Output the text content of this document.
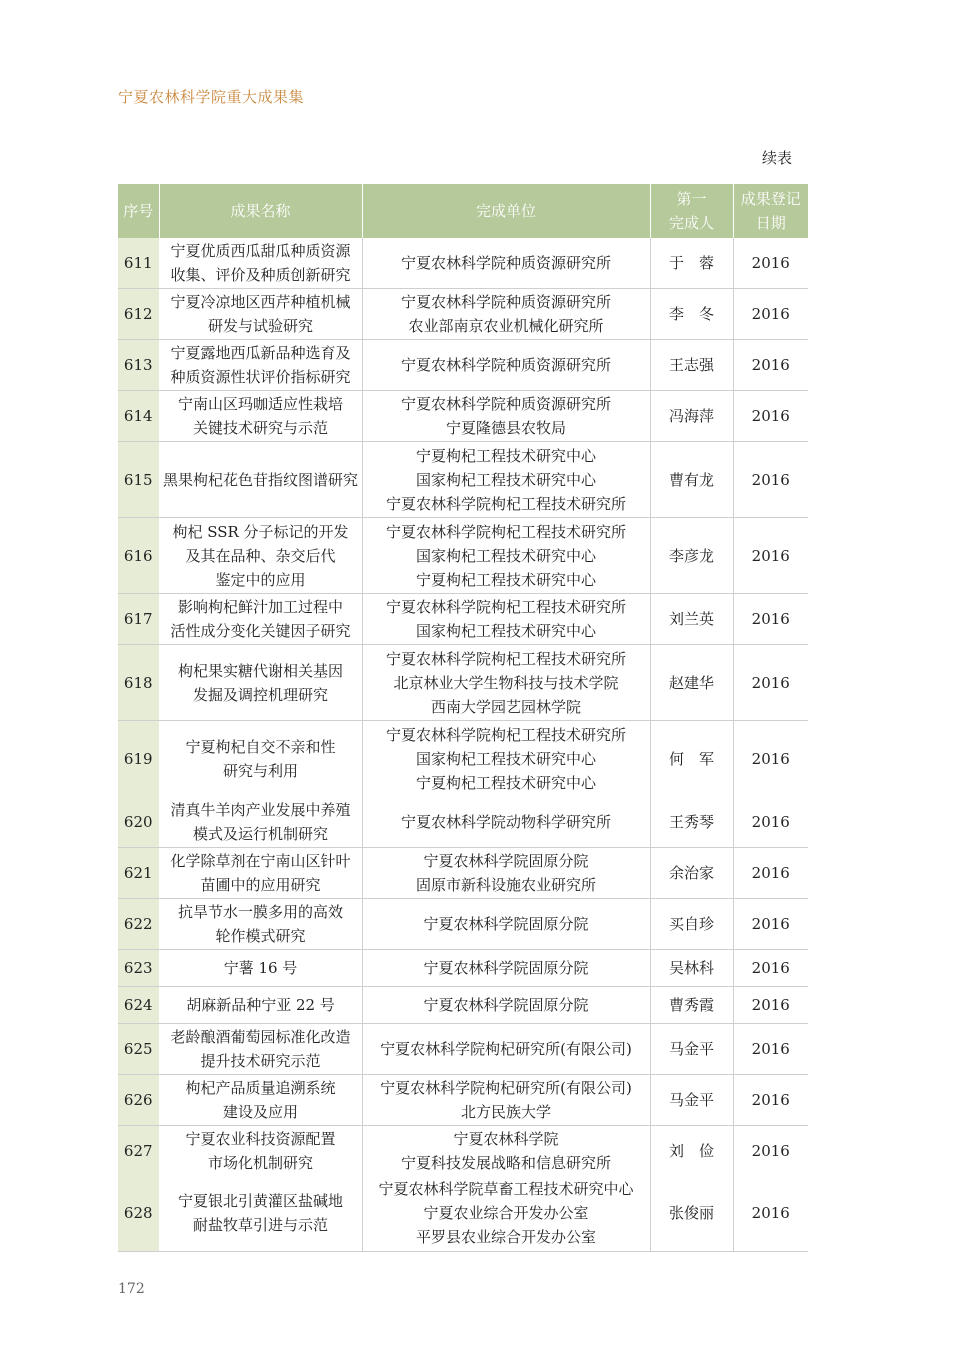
宁夏农林科学院重大成果集
续表
序号	成果名称	完成单位	第一
完成人	成果登记
日期
611	宁夏优质西瓜甜瓜种质资源
收集、评价及种质创新研究	宁夏农林科学院种质资源研究所	于　蓉	2016
612	宁夏冷凉地区西芹种植机械
研发与试验研究	宁夏农林科学院种质资源研究所
农业部南京农业机械化研究所	李　冬	2016
613	宁夏露地西瓜新品种选育及
种质资源性状评价指标研究	宁夏农林科学院种质资源研究所	王志强	2016
614	宁南山区玛咖适应性栽培
关键技术研究与示范	宁夏农林科学院种质资源研究所
宁夏隆德县农牧局	冯海萍	2016
615	黑果枸杞花色苷指纹图谱研究	宁夏枸杞工程技术研究中心
国家枸杞工程技术研究中心
宁夏农林科学院枸杞工程技术研究所	曹有龙	2016
616	枸杞 SSR 分子标记的开发
及其在品种、杂交后代
鉴定中的应用	宁夏农林科学院枸杞工程技术研究所
国家枸杞工程技术研究中心
宁夏枸杞工程技术研究中心	李彦龙	2016
617	影响枸杞鲜汁加工过程中
活性成分变化关键因子研究	宁夏农林科学院枸杞工程技术研究所
国家枸杞工程技术研究中心	刘兰英	2016
618	枸杞果实糖代谢相关基因
发掘及调控机理研究	宁夏农林科学院枸杞工程技术研究所
北京林业大学生物科技与技术学院
西南大学园艺园林学院	赵建华	2016
619	宁夏枸杞自交不亲和性
研究与利用	宁夏农林科学院枸杞工程技术研究所
国家枸杞工程技术研究中心
宁夏枸杞工程技术研究中心	何　军	2016
620	清真牛羊肉产业发展中养殖
模式及运行机制研究	宁夏农林科学院动物科学研究所	王秀琴	2016
621	化学除草剂在宁南山区针叶
苗圃中的应用研究	宁夏农林科学院固原分院
固原市新科设施农业研究所	余治家	2016
622	抗旱节水一膜多用的高效
轮作模式研究	宁夏农林科学院固原分院	买自珍	2016
623	宁薯 16 号	宁夏农林科学院固原分院	吴林科	2016
624	胡麻新品种宁亚 22 号	宁夏农林科学院固原分院	曹秀霞	2016
625	老龄酿酒葡萄园标准化改造
提升技术研究示范	宁夏农林科学院枸杞研究所(有限公司)	马金平	2016
626	枸杞产品质量追溯系统
建设及应用	宁夏农林科学院枸杞研究所(有限公司)
北方民族大学	马金平	2016
627	宁夏农业科技资源配置
市场化机制研究	宁夏农林科学院
宁夏科技发展战略和信息研究所	刘　俭	2016
628	宁夏银北引黄灌区盐碱地
耐盐牧草引进与示范	宁夏农林科学院草畜工程技术研究中心
宁夏农业综合开发办公室
平罗县农业综合开发办公室	张俊丽	2016
172
